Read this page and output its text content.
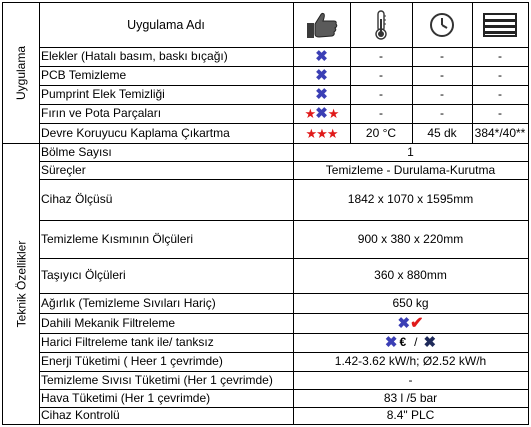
Uygulama Adı
Uygulama
Teknik Özellikler
Elekler (Hatalı basım, baskı bıçağı)	✖	-	-	-
PCB Temizleme	✖	-	-	-
Pumprint Elek Temizliği	✖	-	-	-
Fırın ve Pota Parçaları	★ ✖ ★	-	-	-
Devre Koruyucu Kaplama Çıkartma	★ ★ ★	20 °C	45 dk	384*/40**
Bölme Sayısı	1
Süreçler	Temizleme - Durulama-Kurutma
Cihaz Ölçüsü	1842 x 1070 x 1595mm
Temizleme Kısmının Ölçüleri	900 x 380 x 220mm
Taşıyıcı Ölçüleri	360 x 880mm
Ağırlık (Temizleme Sıvıları Hariç)	650 kg
Dahili Mekanik Filtreleme	✖ ✔
Harici Filtreleme tank ile/ tanksız	✖ € / ✖
Enerji Tüketimi ( Heer 1 çevrimde)	1.42-3.62 kW/h; Ø2.52 kW/h
Temizleme Sıvısı Tüketimi (Her 1 çevrimde)	-
Hava Tüketimi (Her 1 çevrimde)	83 l /5 bar
Cihaz Kontrolü	8.4" PLC
